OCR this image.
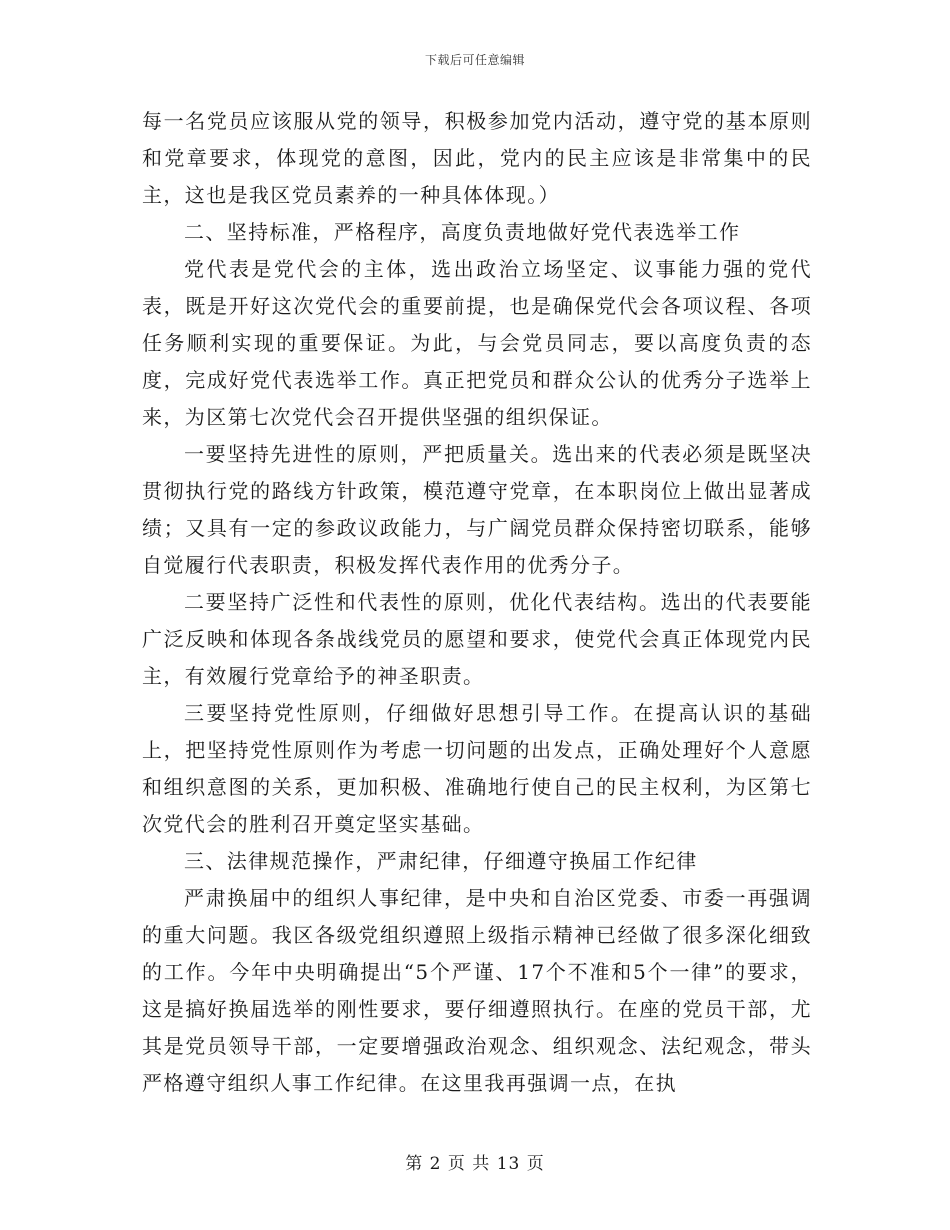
下载后可任意编辑

每一名党员应该服从党的领导，积极参加党内活动，遵守党的基本原则和党章要求，体现党的意图，因此，党内的民主应该是非常集中的民主，这也是我区党员素养的一种具体体现。）

二、坚持标准，严格程序，高度负责地做好党代表选举工作

党代表是党代会的主体，选出政治立场坚定、议事能力强的党代表，既是开好这次党代会的重要前提，也是确保党代会各项议程、各项任务顺利实现的重要保证。为此，与会党员同志，要以高度负责的态度，完成好党代表选举工作。真正把党员和群众公认的优秀分子选举上来，为区第七次党代会召开提供坚强的组织保证。

一要坚持先进性的原则，严把质量关。选出来的代表必须是既坚决贯彻执行党的路线方针政策，模范遵守党章，在本职岗位上做出显著成绩；又具有一定的参政议政能力，与广阔党员群众保持密切联系，能够自觉履行代表职责，积极发挥代表作用的优秀分子。

二要坚持广泛性和代表性的原则，优化代表结构。选出的代表要能广泛反映和体现各条战线党员的愿望和要求，使党代会真正体现党内民主，有效履行党章给予的神圣职责。

三要坚持党性原则，仔细做好思想引导工作。在提高认识的基础上，把坚持党性原则作为考虑一切问题的出发点，正确处理好个人意愿和组织意图的关系，更加积极、准确地行使自己的民主权利，为区第七次党代会的胜利召开奠定坚实基础。

三、法律规范操作，严肃纪律，仔细遵守换届工作纪律

严肃换届中的组织人事纪律，是中央和自治区党委、市委一再强调的重大问题。我区各级党组织遵照上级指示精神已经做了很多深化细致的工作。今年中央明确提出“5个严谨、17个不准和5个一律”的要求，这是搞好换届选举的刚性要求，要仔细遵照执行。在座的党员干部，尤其是党员领导干部，一定要增强政治观念、组织观念、法纪观念，带头严格遵守组织人事工作纪律。在这里我再强调一点，在执

第 2 页 共 13 页
